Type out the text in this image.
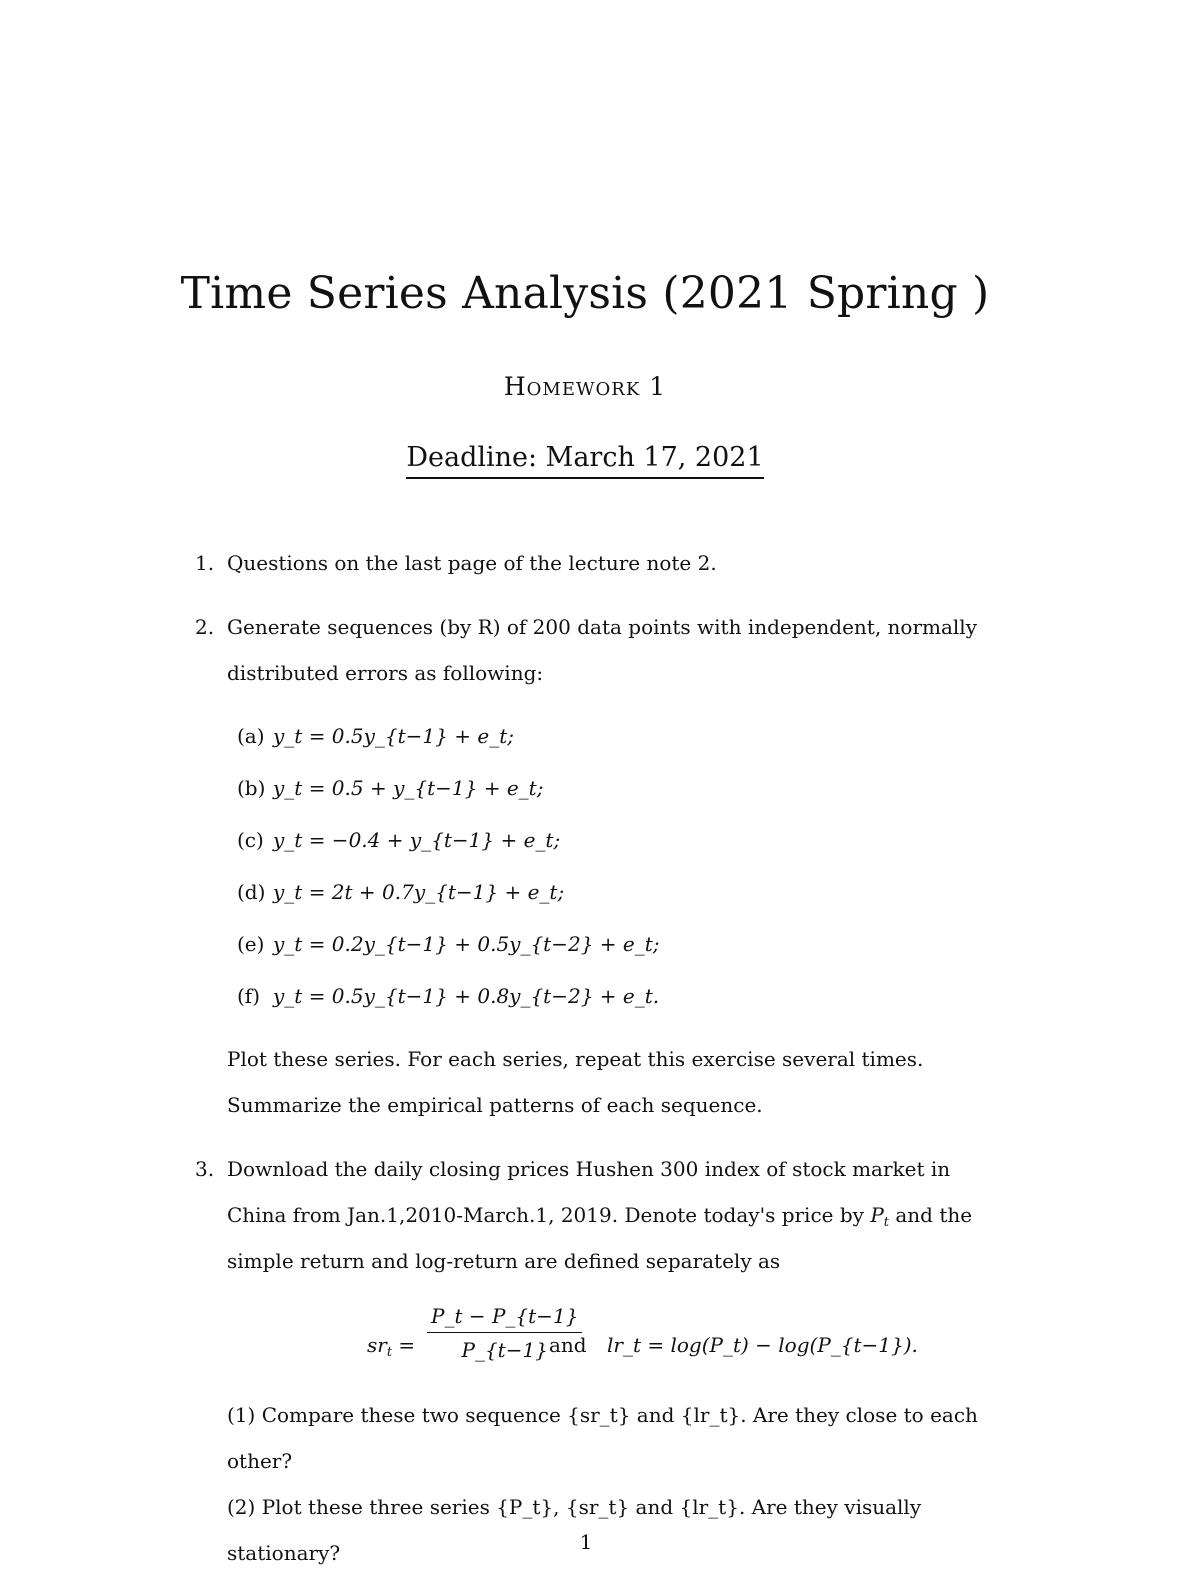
Time Series Analysis (2021 Spring )
Homework 1
Deadline: March 17, 2021
1. Questions on the last page of the lecture note 2.
2. Generate sequences (by R) of 200 data points with independent, normally distributed errors as following:
(a) y_t = 0.5y_{t−1} + e_t;
(b) y_t = 0.5 + y_{t−1} + e_t;
(c) y_t = −0.4 + y_{t−1} + e_t;
(d) y_t = 2t + 0.7y_{t−1} + e_t;
(e) y_t = 0.2y_{t−1} + 0.5y_{t−2} + e_t;
(f) y_t = 0.5y_{t−1} + 0.8y_{t−2} + e_t.
Plot these series. For each series, repeat this exercise several times. Summarize the empirical patterns of each sequence.
3. Download the daily closing prices Hushen 300 index of stock market in China from Jan.1,2010-March.1, 2019. Denote today's price by $P_t$ and the simple return and log-return are defined separately as
$sr_t = \frac{P\_t - P\_\{t-1\}}{P\_\{t-1\}}$
and lr_t = log(P_t) − log(P_{t−1}).
(1) Compare these two sequence {sr_t} and {lr_t}. Are they close to each other?
(2) Plot these three series {P_t}, {sr_t} and {lr_t}. Are they visually stationary?	1
